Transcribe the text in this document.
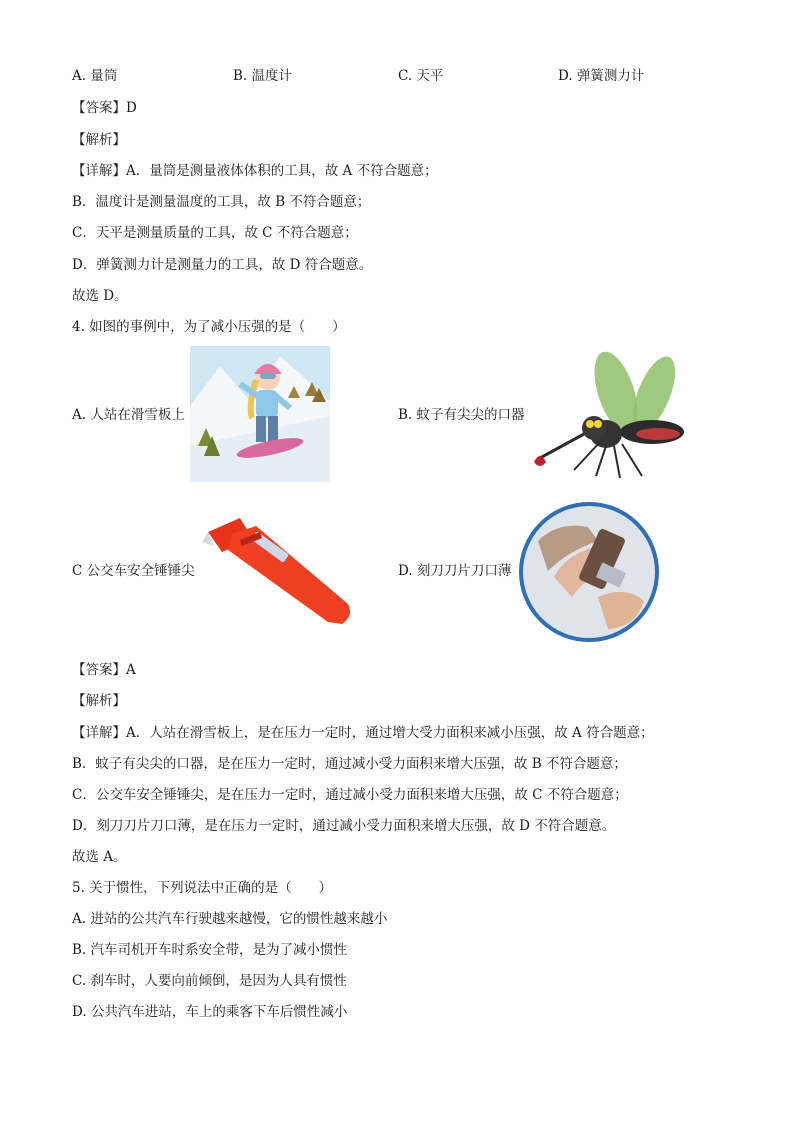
A. 量筒	B. 温度计	C. 天平	D. 弹簧测力计
【答案】D
【解析】
【详解】A．量筒是测量液体体积的工具，故 A 不符合题意；
B．温度计是测量温度的工具，故 B 不符合题意；
C．天平是测量质量的工具，故 C 不符合题意；
D．弹簧测力计是测量力的工具，故 D 符合题意。
故选 D。
4. 如图的事例中，为了减小压强的是（　　）
A. 人站在滑雪板上	B. 蚊子有尖尖的口器
C 公交车安全锤锤尖	D. 刻刀刀片刀口薄
【答案】A
【解析】
【详解】A．人站在滑雪板上，是在压力一定时，通过增大受力面积来减小压强，故 A 符合题意；
B．蚊子有尖尖的口器，是在压力一定时，通过减小受力面积来增大压强，故 B 不符合题意；
C．公交车安全锤锤尖，是在压力一定时，通过减小受力面积来增大压强，故 C 不符合题意；
D．刻刀刀片刀口薄，是在压力一定时，通过减小受力面积来增大压强，故 D 不符合题意。
故选 A。
5. 关于惯性，下列说法中正确的是（　　）
A. 进站的公共汽车行驶越来越慢，它的惯性越来越小
B. 汽车司机开车时系安全带，是为了减小惯性
C. 刹车时，人要向前倾倒，是因为人具有惯性
D. 公共汽车进站，车上的乘客下车后惯性减小
